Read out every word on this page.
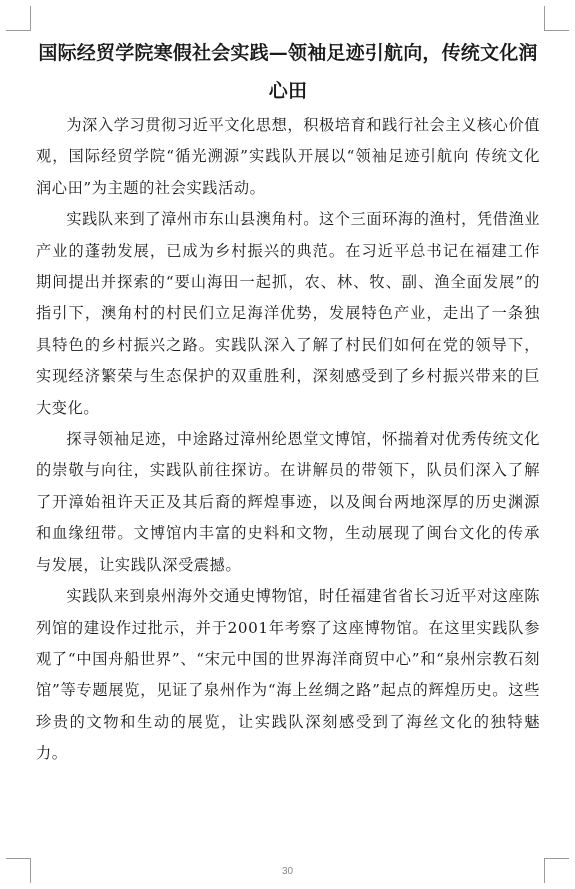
国际经贸学院寒假社会实践—领袖足迹引航向，传统文化润心田

为深入学习贯彻习近平文化思想，积极培育和践行社会主义核心价值观，国际经贸学院“循光溯源”实践队开展以“领袖足迹引航向 传统文化润心田”为主题的社会实践活动。

实践队来到了漳州市东山县澳角村。这个三面环海的渔村，凭借渔业产业的蓬勃发展，已成为乡村振兴的典范。在习近平总书记在福建工作期间提出并探索的“要山海田一起抓，农、林、牧、副、渔全面发展”的指引下，澳角村的村民们立足海洋优势，发展特色产业，走出了一条独具特色的乡村振兴之路。实践队深入了解了村民们如何在党的领导下，实现经济繁荣与生态保护的双重胜利，深刻感受到了乡村振兴带来的巨大变化。

探寻领袖足迹，中途路过漳州纶恩堂文博馆，怀揣着对优秀传统文化的崇敬与向往，实践队前往探访。在讲解员的带领下，队员们深入了解了开漳始祖许天正及其后裔的辉煌事迹，以及闽台两地深厚的历史渊源和血缘纽带。文博馆内丰富的史料和文物，生动展现了闽台文化的传承与发展，让实践队深受震撼。

实践队来到泉州海外交通史博物馆，时任福建省省长习近平对这座陈列馆的建设作过批示，并于2001年考察了这座博物馆。在这里实践队参观了“中国舟船世界”、“宋元中国的世界海洋商贸中心”和“泉州宗教石刻馆”等专题展览，见证了泉州作为“海上丝绸之路”起点的辉煌历史。这些珍贵的文物和生动的展览，让实践队深刻感受到了海丝文化的独特魅力。

30
